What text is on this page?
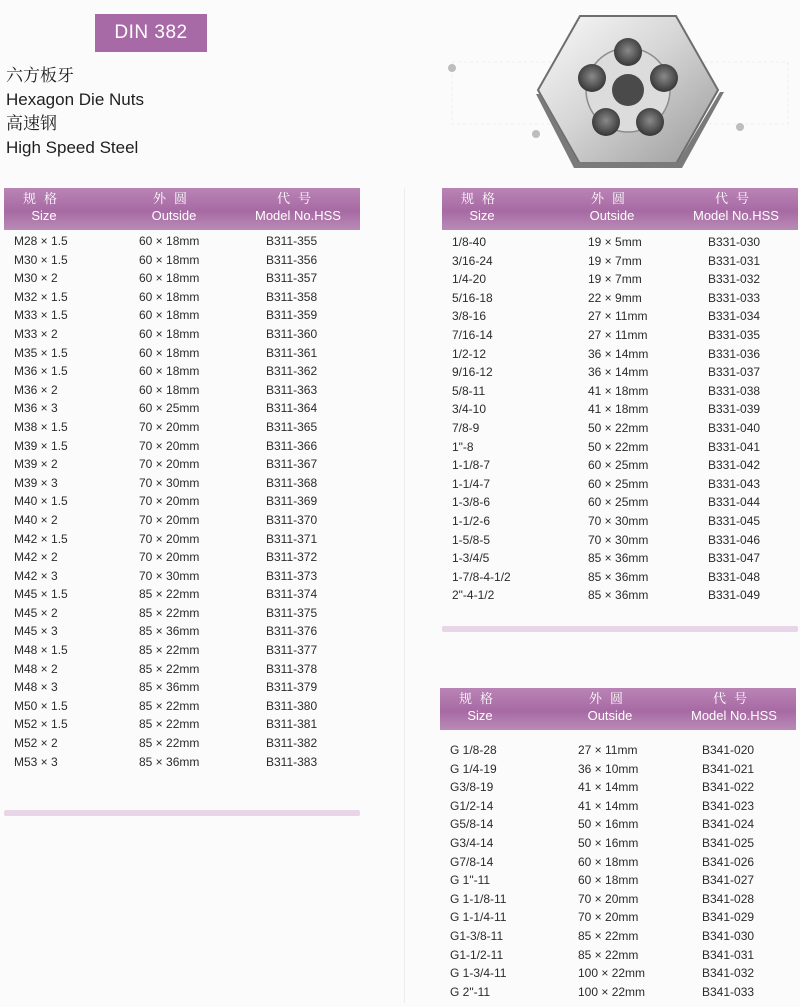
DIN 382
六方板牙
Hexagon Die Nuts
高速钢
High Speed Steel
规格
Size
外圆
Outside
代号
Model No.HSS
M28 × 1.5	60 × 18mm	B311-355
M30 × 1.5	60 × 18mm	B311-356
M30 × 2	60 × 18mm	B311-357
M32 × 1.5	60 × 18mm	B311-358
M33 × 1.5	60 × 18mm	B311-359
M33 × 2	60 × 18mm	B311-360
M35 × 1.5	60 × 18mm	B311-361
M36 × 1.5	60 × 18mm	B311-362
M36 × 2	60 × 18mm	B311-363
M36 × 3	60 × 25mm	B311-364
M38 × 1.5	70 × 20mm	B311-365
M39 × 1.5	70 × 20mm	B311-366
M39 × 2	70 × 20mm	B311-367
M39 × 3	70 × 30mm	B311-368
M40 × 1.5	70 × 20mm	B311-369
M40 × 2	70 × 20mm	B311-370
M42 × 1.5	70 × 20mm	B311-371
M42 × 2	70 × 20mm	B311-372
M42 × 3	70 × 30mm	B311-373
M45 × 1.5	85 × 22mm	B311-374
M45 × 2	85 × 22mm	B311-375
M45 × 3	85 × 36mm	B311-376
M48 × 1.5	85 × 22mm	B311-377
M48 × 2	85 × 22mm	B311-378
M48 × 3	85 × 36mm	B311-379
M50 × 1.5	85 × 22mm	B311-380
M52 × 1.5	85 × 22mm	B311-381
M52 × 2	85 × 22mm	B311-382
M53 × 3	85 × 36mm	B311-383
规格
Size
外圆
Outside
代号
Model No.HSS
1/8-40	19 × 5mm	B331-030
3/16-24	19 × 7mm	B331-031
1/4-20	19 × 7mm	B331-032
5/16-18	22 × 9mm	B331-033
3/8-16	27 × 11mm	B331-034
7/16-14	27 × 11mm	B331-035
1/2-12	36 × 14mm	B331-036
9/16-12	36 × 14mm	B331-037
5/8-11	41 × 18mm	B331-038
3/4-10	41 × 18mm	B331-039
7/8-9	50 × 22mm	B331-040
1"-8	50 × 22mm	B331-041
1-1/8-7	60 × 25mm	B331-042
1-1/4-7	60 × 25mm	B331-043
1-3/8-6	60 × 25mm	B331-044
1-1/2-6	70 × 30mm	B331-045
1-5/8-5	70 × 30mm	B331-046
1-3/4/5	85 × 36mm	B331-047
1-7/8-4-1/2	85 × 36mm	B331-048
2"-4-1/2	85 × 36mm	B331-049
规格
Size
外圆
Outside
代号
Model No.HSS
G 1/8-28	27 × 11mm	B341-020
G 1/4-19	36 × 10mm	B341-021
G3/8-19	41 × 14mm	B341-022
G1/2-14	41 × 14mm	B341-023
G5/8-14	50 × 16mm	B341-024
G3/4-14	50 × 16mm	B341-025
G7/8-14	60 × 18mm	B341-026
G 1"-11	60 × 18mm	B341-027
G 1-1/8-11	70 × 20mm	B341-028
G 1-1/4-11	70 × 20mm	B341-029
G1-3/8-11	85 × 22mm	B341-030
G1-1/2-11	85 × 22mm	B341-031
G 1-3/4-11	100 × 22mm	B341-032
G 2"-11	100 × 22mm	B341-033
